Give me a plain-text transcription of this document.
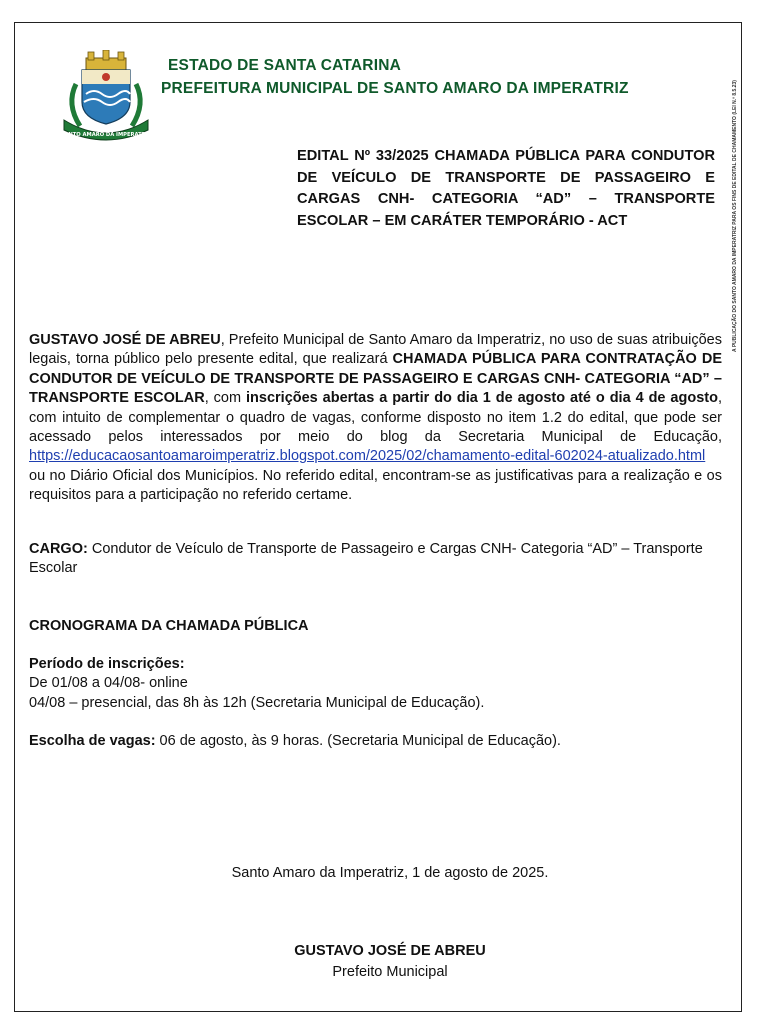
SANTO AMARO DA IMPERATRIZ
ESTADO DE SANTA CATARINA
PREFEITURA MUNICIPAL DE SANTO AMARO DA IMPERATRIZ	A PUBLICAÇÃO DO SANTO AMARO DA IMPERATRIZ PARA OS FINS DE EDITAL DE CHAMAMENTO (LEI N.º 8.5.23)
EDITAL Nº 33/2025 CHAMADA PÚBLICA PARA CONDUTOR DE VEÍCULO DE TRANSPORTE DE PASSAGEIRO E CARGAS CNH- CATEGORIA “AD” – TRANSPORTE ESCOLAR – EM CARÁTER TEMPORÁRIO - ACT
GUSTAVO JOSÉ DE ABREU, Prefeito Municipal de Santo Amaro da Imperatriz, no uso de suas atribuições legais, torna público pelo presente edital, que realizará CHAMADA PÚBLICA PARA CONTRATAÇÃO DE CONDUTOR DE VEÍCULO DE TRANSPORTE DE PASSAGEIRO E CARGAS CNH- CATEGORIA “AD” – TRANSPORTE ESCOLAR, com inscrições abertas a partir do dia 1 de agosto até o dia 4 de agosto, com intuito de complementar o quadro de vagas, conforme disposto no item 1.2 do edital, que pode ser acessado pelos interessados por meio do blog da Secretaria Municipal de Educação, https://educacaosantoamaroimperatriz.blogspot.com/2025/02/chamamento-edital-602024-atualizado.html ou no Diário Oficial dos Municípios. No referido edital, encontram-se as justificativas para a realização e os requisitos para a participação no referido certame.
CARGO: Condutor de Veículo de Transporte de Passageiro e Cargas CNH- Categoria “AD” – Transporte Escolar
CRONOGRAMA DA CHAMADA PÚBLICA
Período de inscrições:
De 01/08 a 04/08- online
04/08 – presencial, das 8h às 12h (Secretaria Municipal de Educação).
Escolha de vagas: 06 de agosto, às 9 horas. (Secretaria Municipal de Educação).
Santo Amaro da Imperatriz, 1 de agosto de 2025.
GUSTAVO JOSÉ DE ABREU
Prefeito Municipal
